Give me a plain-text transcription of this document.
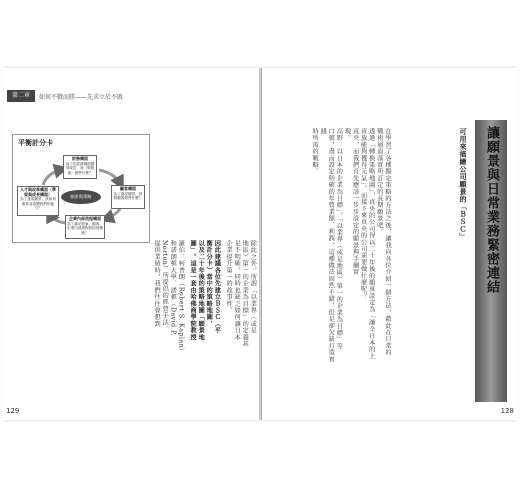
第二章	如何不戰而勝——先求立於不敗
平衡計分卡
財務構面
為了在經濟層面獲得成功，該（對股東）做些什麼？
顧客構面
為了達成願景，該對顧客做些什麼？
人才與改革構面（學習與成長構面）
為了達成願景，該如何維持並改變我們的能力？
企業內部流程構面
為了滿足股東、顧客，企業內部流程該如何精進？
願景與策略
除此之外，所謂「以業界（或是
地區）第一的企業為目標」的定義甚
是不明確，同時也缺乏如何讓日本
企業提升第一的故事性。
因此建議各位先建立ＢＳＣ（平
衡計分卡）當中的策略地圖，
以及二十年後的策略地圖「願景地
圖」。這是一套由哈佛商學院教授
羅伯．柯普朗（Robert S. Kaplan）
和諾朗頓大學．諾頓（David P.
Norton）所提倡的經營手法。
提供業績時，我們往往會想到
129
讓願景與日常業務緊密連結
可用來描繪公司願景的「ＢＳＣ」
在學習了各種擬定策略的方法之後，讓我向各位介紹一個方法，藉此在日常的
戰術層面落實所訂定的長期願景吧。
透過「轉換策略地圖」，真央的公司得以二十年後的願景設定為「讓全日本的上
班族能夠獲得元氣」，而接下來真央的公司需要做什麼呢？
真央，而我們首先應該一步步設定的願景與手續實
現。
高野：以日本的企業為目標」，「以業界（或是地區）第一的企業為目標」等
口號，盡而設定明確的年營業額、利潤，這種做法固然不錯，但是卻欠缺打造實踐
時所需的戰略。
128
